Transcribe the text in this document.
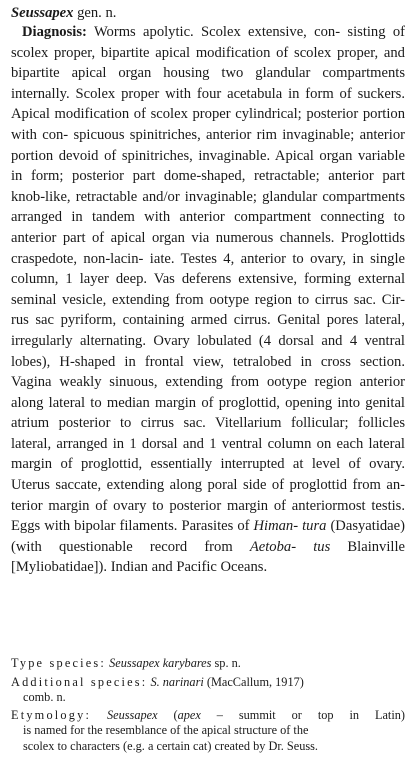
Seussapex gen. n.

Diagnosis: Worms apolytic. Scolex extensive, con- sisting of scolex proper, bipartite apical modification of scolex proper, and bipartite apical organ housing two glandular compartments internally. Scolex proper with four acetabula in form of suckers. Apical modification of scolex proper cylindrical; posterior portion with con- spicuous spinitriches, anterior rim invaginable; anterior portion devoid of spinitriches, invaginable. Apical organ variable in form; posterior part dome-shaped, retractable; anterior part knob-like, retractable and/or invaginable; glandular compartments arranged in tandem with anterior compartment connecting to anterior part of apical organ via numerous channels. Proglottids craspedote, non-lacin- iate. Testes 4, anterior to ovary, in single column, 1 layer deep. Vas deferens extensive, forming external seminal vesicle, extending from ootype region to cirrus sac. Cir- rus sac pyriform, containing armed cirrus. Genital pores lateral, irregularly alternating. Ovary lobulated (4 dorsal and 4 ventral lobes), H-shaped in frontal view, tetralobed in cross section. Vagina weakly sinuous, extending from ootype region anterior along lateral to median margin of proglottid, opening into genital atrium posterior to cirrus sac. Vitellarium follicular; follicles lateral, arranged in 1 dorsal and 1 ventral column on each lateral margin of proglottid, essentially interrupted at level of ovary. Uterus saccate, extending along poral side of proglottid from an- terior margin of ovary to posterior margin of anteriormost testis. Eggs with bipolar filaments. Parasites of Himan- tura (Dasyatidae) (with questionable record from Aetoba- tus Blainville [Myliobatidae]). Indian and Pacific Oceans.

Type species: Seussapex karybares sp. n.
Additional species: S. narinari (MacCallum, 1917)
comb. n.
Etymology: Seussapex (apex – summit or top in Latin)
is named for the resemblance of the apical structure of the
scolex to characters (e.g. a certain cat) created by Dr. Seuss.
